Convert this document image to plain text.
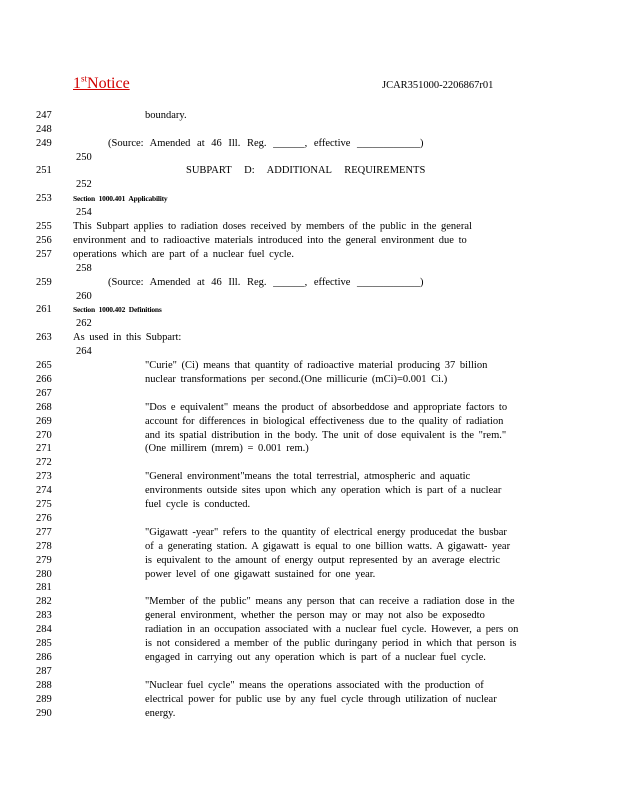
1stNotice	JCAR351000-2206867r01
247	boundary.
248
249	(Source: Amended at 46 Ill. Reg. ______, effective ____________)
250
251	SUBPART D: ADDITIONAL REQUIREMENTS
252
253	Section 1000.401 Applicability
254
255	This Subpart applies to radiation doses received by members of the public in the general
256	environment and to radioactive materials introduced into the general environment due to
257	operations which are part of a nuclear fuel cycle.
258
259	(Source: Amended at 46 Ill. Reg. ______, effective ____________)
260
261	Section 1000.402 Definitions
262
263	As used in this Subpart:
264
265	"Curie" (Ci) means that quantity of radioactive material producing 37 billion
266	nuclear transformations per second.(One millicurie (mCi)=0.001 Ci.)
267
268	"Dos e equivalent" means the product of absorbeddose and appropriate factors to
269	account for differences in biological effectiveness due to the quality of radiation
270	and its spatial distribution in the body. The unit of dose equivalent is the "rem."
271	(One millirem (mrem) = 0.001 rem.)
272
273	"General environment"means the total terrestrial, atmospheric and aquatic
274	environments outside sites upon which any operation which is part of a nuclear
275	fuel cycle is conducted.
276
277	"Gigawatt -year" refers to the quantity of electrical energy producedat the busbar
278	of a generating station. A gigawatt is equal to one billion watts. A gigawatt- year
279	is equivalent to the amount of energy output represented by an average electric
280	power level of one gigawatt sustained for one year.
281
282	"Member of the public" means any person that can receive a radiation dose in the
283	general environment, whether the person may or may not also be exposedto
284	radiation in an occupation associated with a nuclear fuel cycle. However, a pers on
285	is not considered a member of the public duringany period in which that person is
286	engaged in carrying out any operation which is part of a nuclear fuel cycle.
287
288	"Nuclear fuel cycle" means the operations associated with the production of
289	electrical power for public use by any fuel cycle through utilization of nuclear
290	energy.
